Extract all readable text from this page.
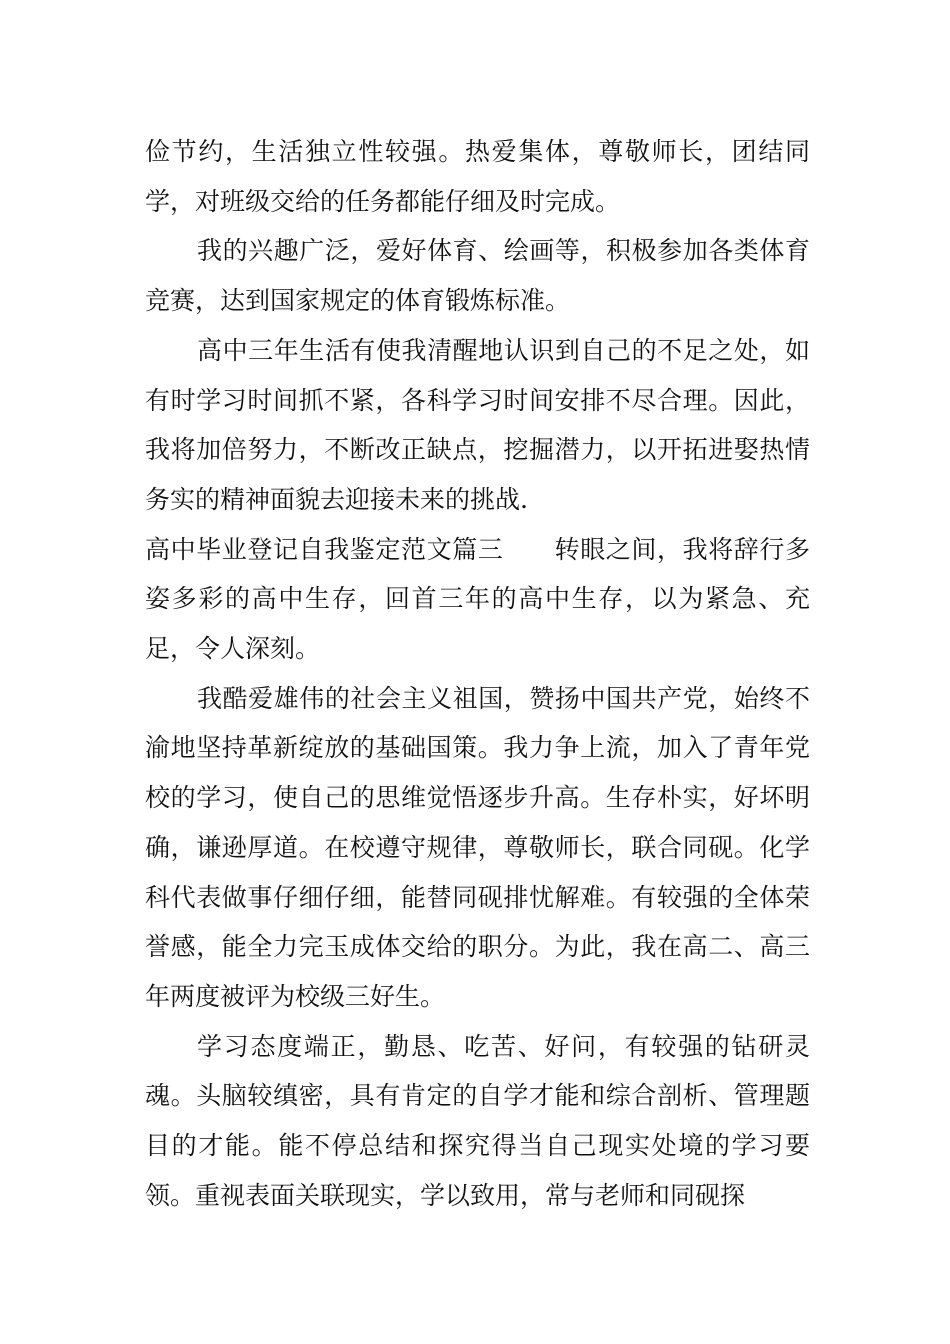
俭节约，生活独立性较强。热爱集体，尊敬师长，团结同学，对班级交给的任务都能仔细及时完成。

我的兴趣广泛，爱好体育、绘画等，积极参加各类体育竞赛，达到国家规定的体育锻炼标准。

高中三年生活有使我清醒地认识到自己的不足之处，如有时学习时间抓不紧，各科学习时间安排不尽合理。因此，我将加倍努力，不断改正缺点，挖掘潜力，以开拓进娶热情务实的精神面貌去迎接未来的挑战.

高中毕业登记自我鉴定范文篇三　　转眼之间，我将辞行多姿多彩的高中生存，回首三年的高中生存，以为紧急、充足，令人深刻。

我酷爱雄伟的社会主义祖国，赞扬中国共产党，始终不渝地坚持革新绽放的基础国策。我力争上流，加入了青年党校的学习，使自己的思维觉悟逐步升高。生存朴实，好坏明确，谦逊厚道。在校遵守规律，尊敬师长，联合同砚。化学科代表做事仔细仔细，能替同砚排忧解难。有较强的全体荣誉感，能全力完玉成体交给的职分。为此，我在高二、高三年两度被评为校级三好生。

学习态度端正，勤恳、吃苦、好问，有较强的钻研灵魂。头脑较缜密，具有肯定的自学才能和综合剖析、管理题目的才能。能不停总结和探究得当自己现实处境的学习要领。重视表面关联现实，学以致用，常与老师和同砚探
